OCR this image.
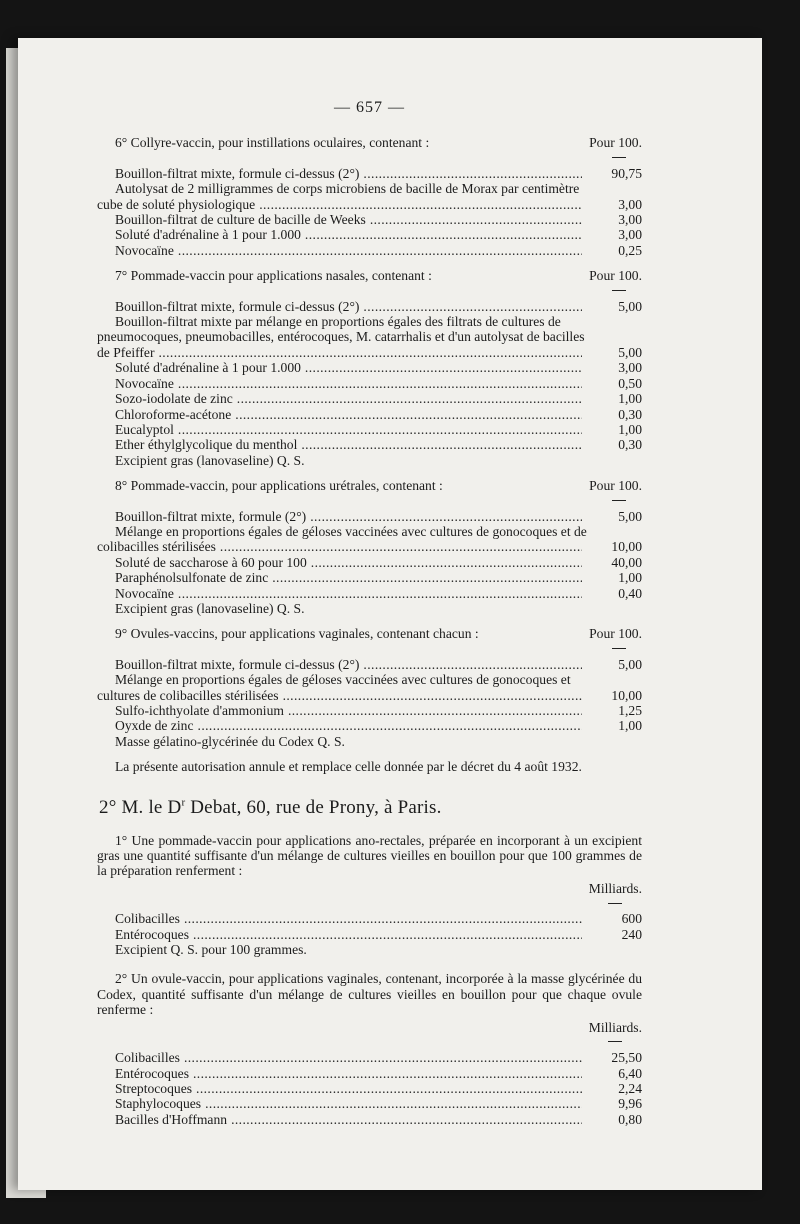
— 657 —
6° Collyre-vaccin, pour instillations oculaires, contenant :	Pour 100.
Bouillon-filtrat mixte, formule ci-dessus (2°) . . .	90,75
Autolysat de 2 milligrammes de corps microbiens de bacille de Morax par centimètre
cube de soluté physiologique . . .	3,00
Bouillon-filtrat de culture de bacille de Weeks . . .	3,00
Soluté d'adrénaline à 1 pour 1.000 . . .	3,00
Novocaïne . . .	0,25
7° Pommade-vaccin pour applications nasales, contenant :	Pour 100.
Bouillon-filtrat mixte, formule ci-dessus (2°) . . .	5,00
Bouillon-filtrat mixte par mélange en proportions égales des filtrats de cultures de
pneumocoques, pneumobacilles, entérocoques, M. catarrhalis et d'un autolysat de bacilles
de Pfeiffer . . .	5,00
Soluté d'adrénaline à 1 pour 1.000 . . .	3,00
Novocaïne . . .	0,50
Sozo-iodolate de zinc . . .	1,00
Chloroforme-acétone . . .	0,30
Eucalyptol . . .	1,00
Ether éthylglycolique du menthol . . .	0,30
Excipient gras (lanovaseline) Q. S.
8° Pommade-vaccin, pour applications urétrales, contenant :	Pour 100.
Bouillon-filtrat mixte, formule (2°) . . .	5,00
Mélange en proportions égales de géloses vaccinées avec cultures de gonocoques et de
colibacilles stérilisées . . .	10,00
Soluté de saccharose à 60 pour 100 . . .	40,00
Paraphénolsulfonate de zinc . . .	1,00
Novocaïne . . .	0,40
Excipient gras (lanovaseline) Q. S.
9° Ovules-vaccins, pour applications vaginales, contenant chacun :	Pour 100.
Bouillon-filtrat mixte, formule ci-dessus (2°) . . .	5,00
Mélange en proportions égales de géloses vaccinées avec cultures de gonocoques et
cultures de colibacilles stérilisées . . .	10,00
Sulfo-ichthyolate d'ammonium . . .	1,25
Oyxde de zinc . . .	1,00
Masse gélatino-glycérinée du Codex Q. S.
La présente autorisation annule et remplace celle donnée par le décret du 4 août 1932.
2° M. le $D^r$ Debat, 60, rue de Prony, à Paris.
1° Une pommade-vaccin pour applications ano-rectales, préparée en incorporant à un excipient gras une quantité suffisante d'un mélange de cultures vieilles en bouillon pour que 100 grammes de la préparation renferment :
Milliards.
Colibacilles . . .	600
Entérocoques . . .	240
Excipient Q. S. pour 100 grammes.
2° Un ovule-vaccin, pour applications vaginales, contenant, incorporée à la masse glycérinée du Codex, quantité suffisante d'un mélange de cultures vieilles en bouillon pour que chaque ovule renferme :
Milliards.
Colibacilles . . .	25,50
Entérocoques . . .	6,40
Streptocoques . . .	2,24
Staphylocoques . . .	9,96
Bacilles d'Hoffmann . . .	0,80
